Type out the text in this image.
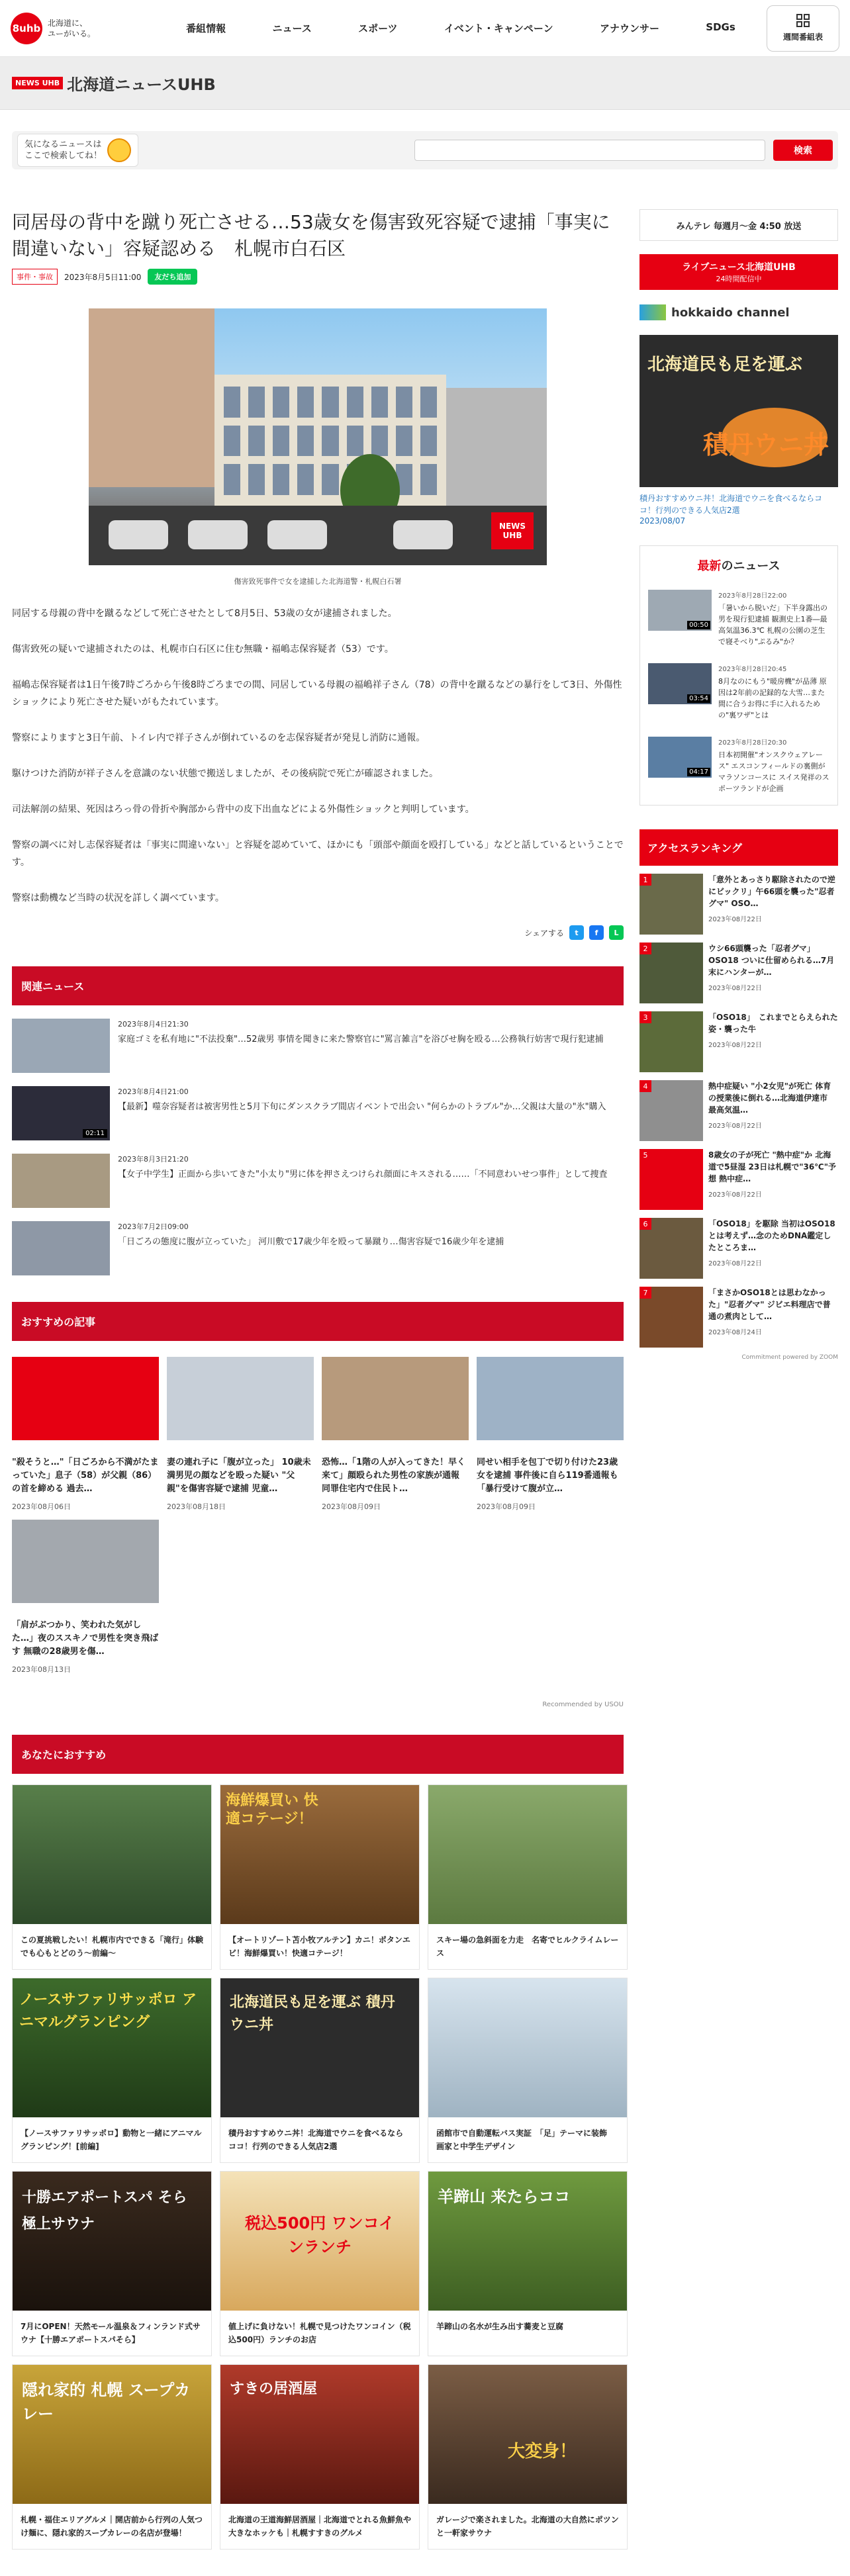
8uhb 北海道に、
ユーがいる。	番組情報	ニュース	スポーツ	イベント・キャンペーン	アナウンサー	SDGs
週間番組表
NEWS UHB 北海道ニュースUHB
気になるニュースは
ここで検索してね！
検索
同居母の背中を蹴り死亡させる…53歳女を傷害致死容疑で逮捕「事実に間違いない」容疑認める　札幌市白石区
事件・事故	2023年8月5日11:00	友だち追加
NEWS UHB
傷害致死事件で女を逮捕した北海道警・札幌白石署

同居する母親の背中を蹴るなどして死亡させたとして8月5日、53歳の女が逮捕されました。

傷害致死の疑いで逮捕されたのは、札幌市白石区に住む無職・福嶋志保容疑者（53）です。

福嶋志保容疑者は1日午後7時ごろから午後8時ごろまでの間、同居している母親の福嶋祥子さん（78）の背中を蹴るなどの暴行をして3日、外傷性ショックにより死亡させた疑いがもたれています。

警察によりますと3日午前、トイレ内で祥子さんが倒れているのを志保容疑者が発見し消防に通報。

駆けつけた消防が祥子さんを意識のない状態で搬送しましたが、その後病院で死亡が確認されました。

司法解剖の結果、死因はろっ骨の骨折や胸部から背中の皮下出血などによる外傷性ショックと判明しています。

警察の調べに対し志保容疑者は「事実に間違いない」と容疑を認めていて、ほかにも「頭部や顔面を殴打している」などと話しているということです。

警察は動機など当時の状況を詳しく調べています。

シェアする	t	f	L
関連ニュース
2023年8月4日21:30
家庭ゴミを私有地に"不法投棄"…52歳男 事情を聞きに来た警察官に"罵言雑言"を浴びせ胸を殴る…公務執行妨害で現行犯逮捕
02:11
2023年8月4日21:00
【最新】噬奈容疑者は被害男性と5月下旬にダンスクラブ間店イベントで出会い "何らかのトラブル"か…父親は大量の"氷"購入
2023年8月3日21:20
【女子中学生】正面から歩いてきた"小太り"男に体を押さえつけられ顔面にキスされる……「不同意わいせつ事件」として捜査
2023年7月2日09:00
「日ごろの態度に腹が立っていた」 河川敷で17歳少年を殴って暴蹴り…傷害容疑で16歳少年を逮捕
おすすめの記事
"殺そうと…"「日ごろから不満がたまっていた」息子（58）が父親（86）の首を締める 過去…
2023年08月06日
妻の連れ子に「腹が立った」 10歳未満男児の顔などを殴った疑い "父親"を傷害容疑で逮捕 児童…
2023年08月18日
恐怖…「1階の人が入ってきた！早く来て」顔殴られた男性の家族が通報 同罪住宅内で住民ト…
2023年08月09日
同せい相手を包丁で切り付けた23歳女を逮捕 事件後に自ら119番通報も「暴行受けて腹が立…
2023年08月09日
「肩がぶつかり、笑われた気がした…」夜のススキノで男性を突き飛ばす 無職の28歳男を傷…
2023年08月13日
Recommended by USOU
あなたにおすすめ
この夏挑戦したい！札幌市内でできる「滝行」体験でも心もとどのう～前編～
海鮮爆買い 快適コテージ！
【オートリゾート苫小牧アルテン】カニ！ポタンエビ！海鮮爆買い！快適コテージ！
スキー場の急斜面を力走　名寄でヒルクライムレース
ノースサファリサッポロ アニマルグランピング
【ノースサファリサッポロ】動物と一緒にアニマルグランピング！[前編]
北海道民も足を運ぶ 積丹ウニ丼
積丹おすすめウニ丼！北海道でウニを食べるならココ！行列のできる人気店2選
函館市で自動運転バス実証　「足」テーマに装飾　画家と中学生デザイン
十勝エアポートスパ そら 極上サウナ
7月にOPEN！天然モール温泉＆フィンランド式サウナ【十勝エアポートスパそら】
税込500円 ワンコインランチ
値上げに負けない！札幌で見つけたワンコイン（税込500円）ランチのお店
羊蹄山 来たらココ
羊蹄山の名水が生み出す蕎麦と豆腐
隠れ家的 札幌 スープカレー
札幌・福住エリアグルメ｜開店前から行列の人気つけ麺に、隠れ家的スープカレーの名店が登場！
すきの居酒屋
北海道の王道海鮮居酒屋｜北海道でとれる魚鮮魚や大きなホッケも｜札幌すすきのグルメ
大変身！
ガレージで楽されました。北海道の大自然にポツンと一軒家サウナ
みんテレ 毎週月～金 4:50 放送
ライブニュース北海道UHB
24時間配信中
hokkaido channel
北海道民も足を運ぶ
積丹ウニ丼
積丹おすすめウニ丼！北海道でウニを食べるならココ！行列のできる人気店2選
2023/08/07
最新のニュース
00:50
2023年8月28日22:00
「暑いから脱いだ」下半身露出の男を現行犯逮捕 観測史上1番―最高気温36.3℃ 札幌の公園の芝生で寝そべり"ぷるみ"か？
03:54
2023年8月28日20:45
8月なのにもう"暖房機"が品薄 原因は2年前の記録的な大雪…また間に合うお得に手に入れるための"裏ワザ"とは
04:17
2023年8月28日20:30
日本初開催"オンスクウェアレース" エスコンフィールドの裏側がマラソンコースに スイス発祥のスポーツランドが企画
アクセスランキング
1	「意外とあっさり駆除されたので逆にビックリ」午66頭を襲った"忍者グマ" OSO…
2023年08月22日
2	ウシ66頭襲った「忍者グマ」OSO18 ついに仕留められる…7月末にハンターが…
2023年08月22日
3	「OSO18」　これまでとらえられた姿・襲った牛
2023年08月22日
4	熱中症疑い "小2女児"が死亡 体育の授業後に倒れる…北海道伊達市 最高気温…
2023年08月22日
5	8歳女の子が死亡 "熱中症"か 北海道で5昼湿 23日は札幌で"36℃"予想 熱中症…
2023年08月22日
6	「OSO18」を駆除 当初はOSO18とは考えず…念のためDNA鑑定したところま…
2023年08月22日
7	「まさかOSO18とは思わなかった」"忍者グマ" ジビエ料理店で普通の煮肉として…
2023年08月24日
Commitment powered by ZOOM
